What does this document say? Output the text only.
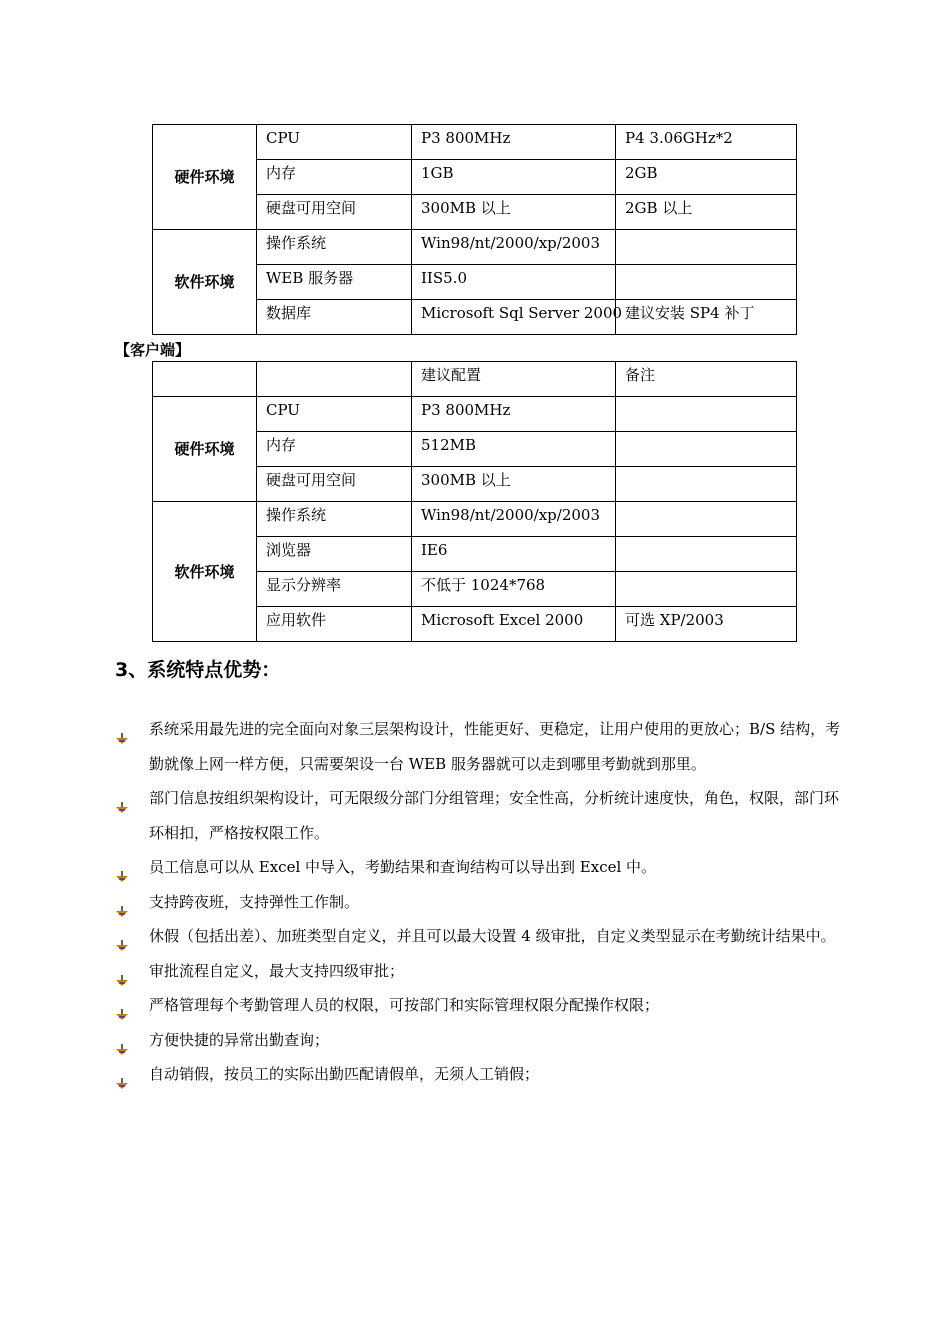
硬件环境	CPU	P3 800MHz	P4 3.06GHz*2
	内存	1GB	2GB
	硬盘可用空间	300MB 以上	2GB 以上
软件环境	操作系统	Win98/nt/2000/xp/2003	
	WEB 服务器	IIS5.0	
	数据库	Microsoft Sql Server 2000	建议安装 SP4 补丁
【客户端】
		建议配置	备注
硬件环境	CPU	P3 800MHz	
	内存	512MB	
	硬盘可用空间	300MB 以上	
软件环境	操作系统	Win98/nt/2000/xp/2003	
	浏览器	IE6	
	显示分辨率	不低于 1024*768	
	应用软件	Microsoft Excel 2000	可选 XP/2003
3、系统特点优势：
系统采用最先进的完全面向对象三层架构设计，性能更好、更稳定，让用户使用的更放心；B/S 结构，考勤就像上网一样方便，只需要架设一台 WEB 服务器就可以走到哪里考勤就到那里。
部门信息按组织架构设计，可无限级分部门分组管理；安全性高，分析统计速度快，角色，权限，部门环环相扣，严格按权限工作。
员工信息可以从 Excel 中导入，考勤结果和查询结构可以导出到 Excel 中。
支持跨夜班，支持弹性工作制。
休假（包括出差）、加班类型自定义，并且可以最大设置 4 级审批，自定义类型显示在考勤统计结果中。
审批流程自定义，最大支持四级审批；
严格管理每个考勤管理人员的权限，可按部门和实际管理权限分配操作权限；
方便快捷的异常出勤查询；
自动销假，按员工的实际出勤匹配请假单，无须人工销假；
